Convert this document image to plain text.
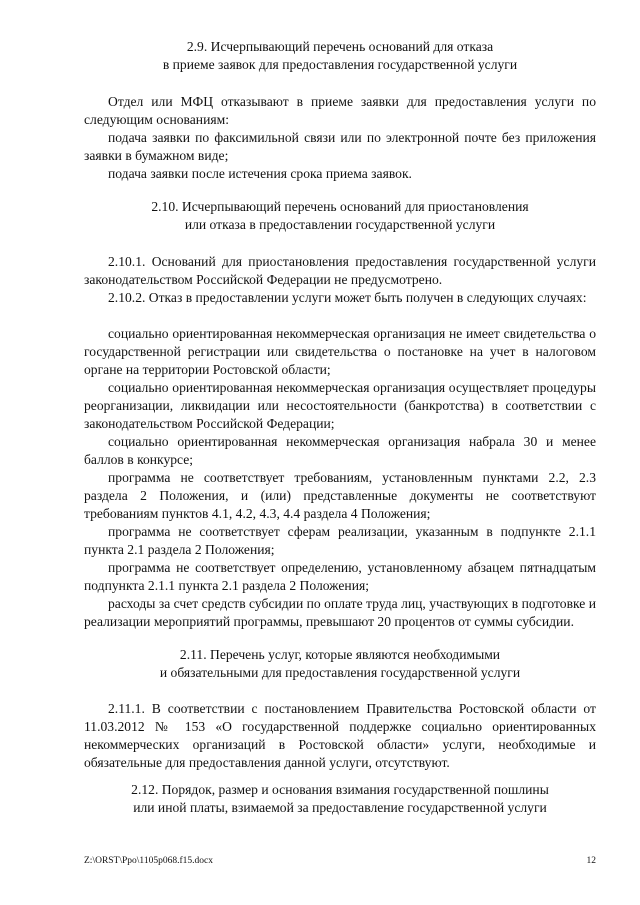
2.9. Исчерпывающий перечень оснований для отказа
в приеме заявок для предоставления государственной услуги

Отдел или МФЦ отказывают в приеме заявки для предоставления услуги по следующим основаниям:

подача заявки по факсимильной связи или по электронной почте без приложения заявки в бумажном виде;

подача заявки после истечения срока приема заявок.

2.10. Исчерпывающий перечень оснований для приостановления
или отказа в предоставлении государственной услуги

2.10.1. Оснований для приостановления предоставления государственной услуги законодательством Российской Федерации не предусмотрено.

2.10.2. Отказ в предоставлении услуги может быть получен в следующих случаях:

социально ориентированная некоммерческая организация не имеет свидетельства о государственной регистрации или свидетельства о постановке на учет в налоговом органе на территории Ростовской области;

социально ориентированная некоммерческая организация осуществляет процедуры реорганизации, ликвидации или несостоятельности (банкротства) в соответствии с законодательством Российской Федерации;

социально ориентированная некоммерческая организация набрала 30 и менее баллов в конкурсе;

программа не соответствует требованиям, установленным пунктами 2.2, 2.3 раздела 2 Положения, и (или) представленные документы не соответствуют требованиям пунктов 4.1, 4.2, 4.3, 4.4 раздела 4 Положения;

программа не соответствует сферам реализации, указанным в подпункте 2.1.1 пункта 2.1 раздела 2 Положения;

программа не соответствует определению, установленному абзацем пятнадцатым подпункта 2.1.1 пункта 2.1 раздела 2 Положения;

расходы за счет средств субсидии по оплате труда лиц, участвующих в подготовке и реализации мероприятий программы, превышают 20 процентов от суммы субсидии.

2.11. Перечень услуг, которые являются необходимыми
и обязательными для предоставления государственной услуги

2.11.1. В соответствии с постановлением Правительства Ростовской области от 11.03.2012 № 153 «О государственной поддержке социально ориентированных некоммерческих организаций в Ростовской области» услуги, необходимые и обязательные для предоставления данной услуги, отсутствуют.

2.12. Порядок, размер и основания взимания государственной пошлины
или иной платы, взимаемой за предоставление государственной услуги
Z:\ORST\Ppo\1105p068.f15.docx	12
